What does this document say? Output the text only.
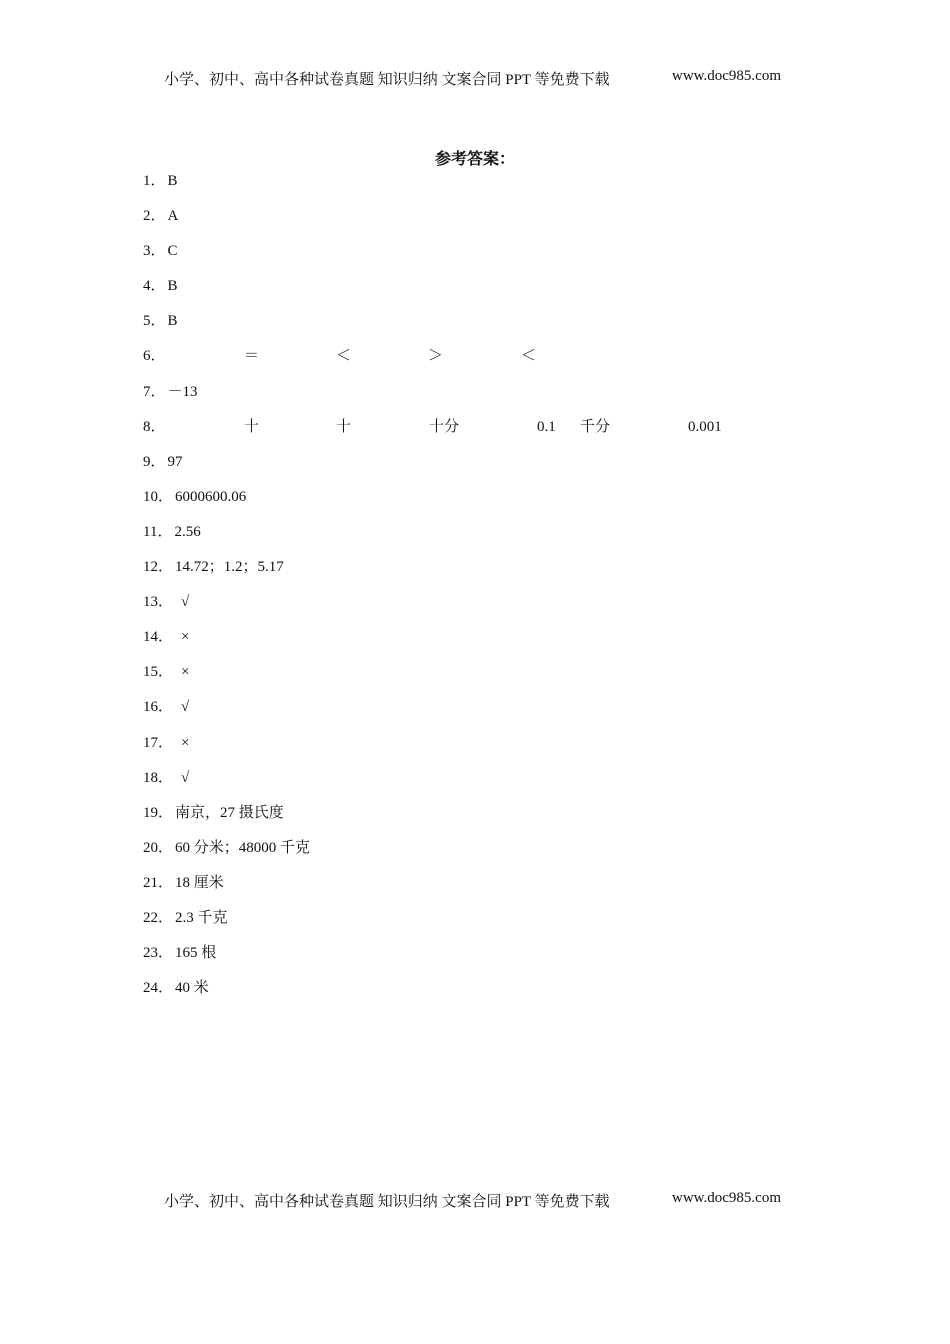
小学、初中、高中各种试卷真题 知识归纳 文案合同 PPT 等免费下载	www.doc985.com
参考答案：
1． B
2． A
3． C
4． B
5． B
6．	＝	＜	＞	＜
7． －13
8．	十	十	十分	0.1 千分	0.001
9． 97
10． 6000600.06
11． 2.56
12． 14.72；1.2；5.17
13． √
14． ×
15． ×
16． √
17． ×
18． √
19． 南京，27 摄氏度
20． 60 分米；48000 千克
21． 18 厘米
22． 2.3 千克
23． 165 根
24． 40 米
小学、初中、高中各种试卷真题 知识归纳 文案合同 PPT 等免费下载	www.doc985.com
